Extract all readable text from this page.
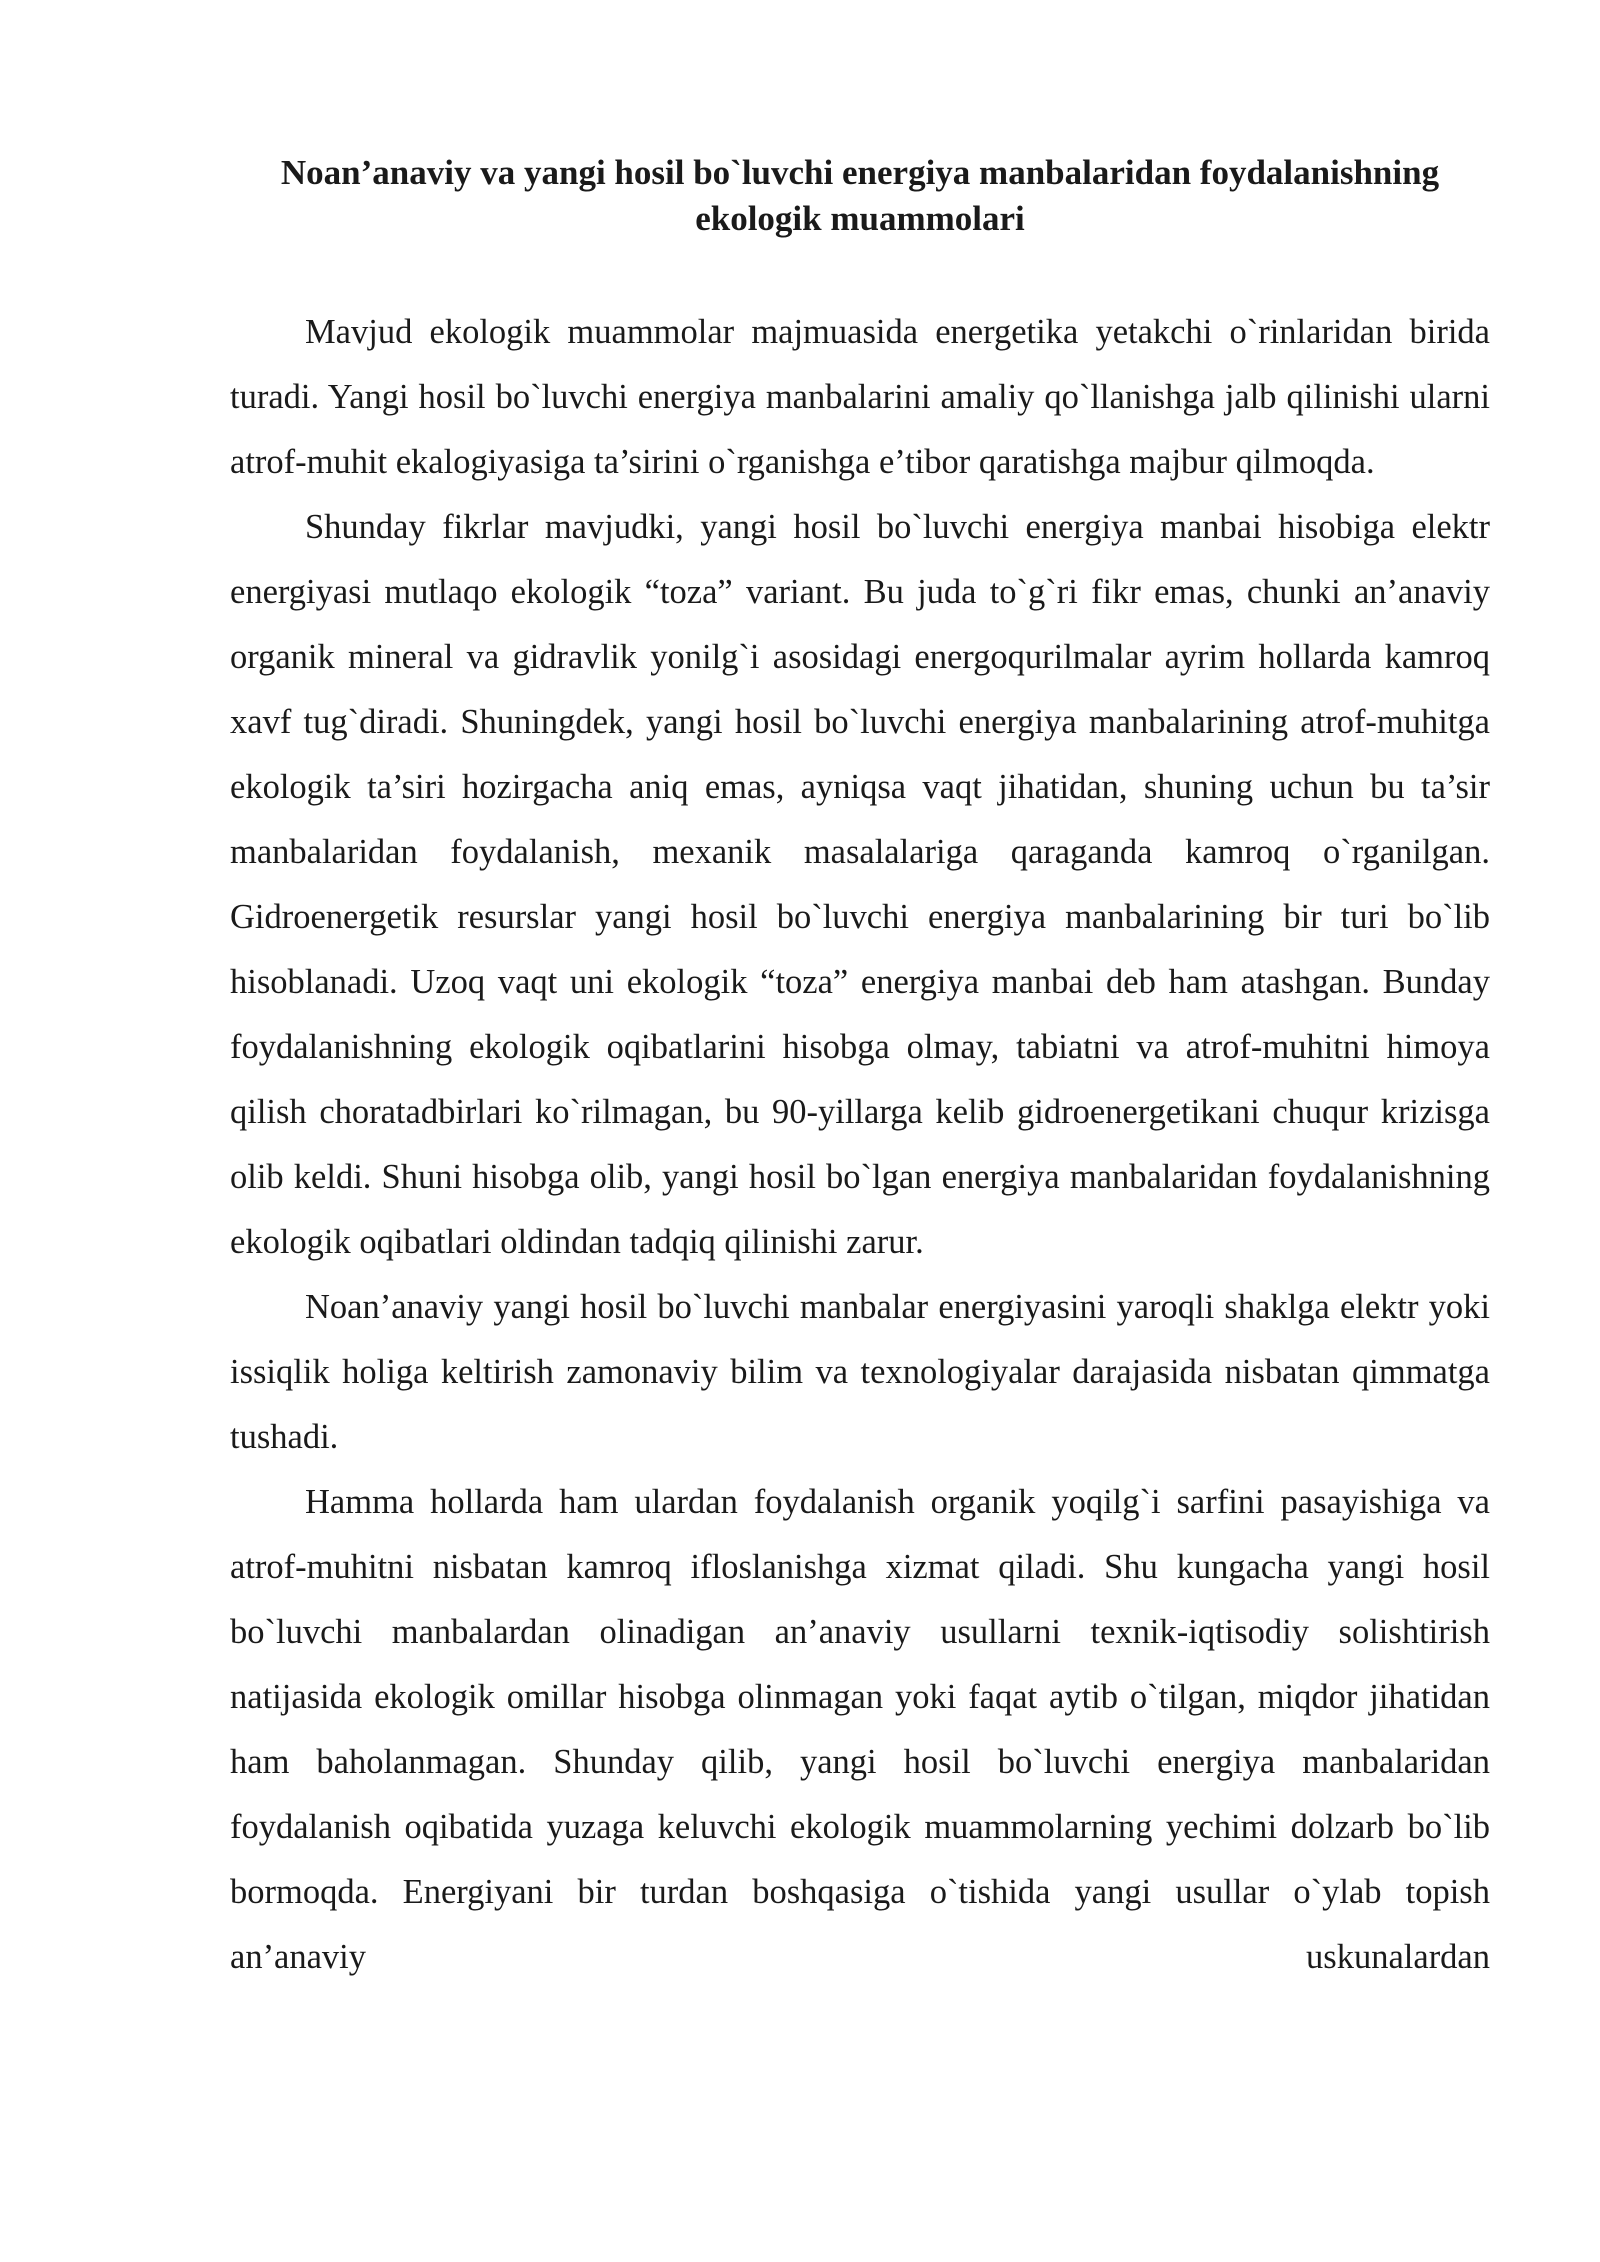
Noan’anaviy va yangi hosil bo`luvchi energiya manbalaridan foydalanishning
ekologik muammolari

Mavjud ekologik muammolar majmuasida energetika yetakchi o`rinlaridan birida turadi. Yangi hosil bo`luvchi energiya manbalarini amaliy qo`llanishga jalb qilinishi ularni atrof-muhit ekalogiyasiga ta’sirini o`rganishga e’tibor qaratishga majbur qilmoqda.

Shunday fikrlar mavjudki, yangi hosil bo`luvchi energiya manbai hisobiga elektr energiyasi mutlaqo ekologik “toza” variant. Bu juda to`g`ri fikr emas, chunki an’anaviy organik mineral va gidravlik yonilg`i asosidagi energoqurilmalar ayrim hollarda kamroq xavf tug`diradi. Shuningdek, yangi hosil bo`luvchi energiya manbalarining atrof-muhitga ekologik ta’siri hozirgacha aniq emas, ayniqsa vaqt jihatidan, shuning uchun bu ta’sir manbalaridan foydalanish, mexanik masalalariga qaraganda kamroq o`rganilgan. Gidroenergetik resurslar yangi hosil bo`luvchi energiya manbalarining bir turi bo`lib hisoblanadi. Uzoq vaqt uni ekologik “toza” energiya manbai deb ham atashgan. Bunday foydalanishning ekologik oqibatlarini hisobga olmay, tabiatni va atrof-muhitni himoya qilish choratadbirlari ko`rilmagan, bu 90-yillarga kelib gidroenergetikani chuqur krizisga olib keldi. Shuni hisobga olib, yangi hosil bo`lgan energiya manbalaridan foydalanishning ekologik oqibatlari oldindan tadqiq qilinishi zarur.

Noan’anaviy yangi hosil bo`luvchi manbalar energiyasini yaroqli shaklga elektr yoki issiqlik holiga keltirish zamonaviy bilim va texnologiyalar darajasida nisbatan qimmatga tushadi.

Hamma hollarda ham ulardan foydalanish organik yoqilg`i sarfini pasayishiga va atrof-muhitni nisbatan kamroq ifloslanishga xizmat qiladi. Shu kungacha yangi hosil bo`luvchi manbalardan olinadigan an’anaviy usullarni texnik-iqtisodiy solishtirish natijasida ekologik omillar hisobga olinmagan yoki faqat aytib o`tilgan, miqdor jihatidan ham baholanmagan. Shunday qilib, yangi hosil bo`luvchi energiya manbalaridan foydalanish oqibatida yuzaga keluvchi ekologik muammolarning yechimi dolzarb bo`lib bormoqda. Energiyani bir turdan boshqasiga o`tishida yangi usullar o`ylab topish an’anaviy uskunalardan
